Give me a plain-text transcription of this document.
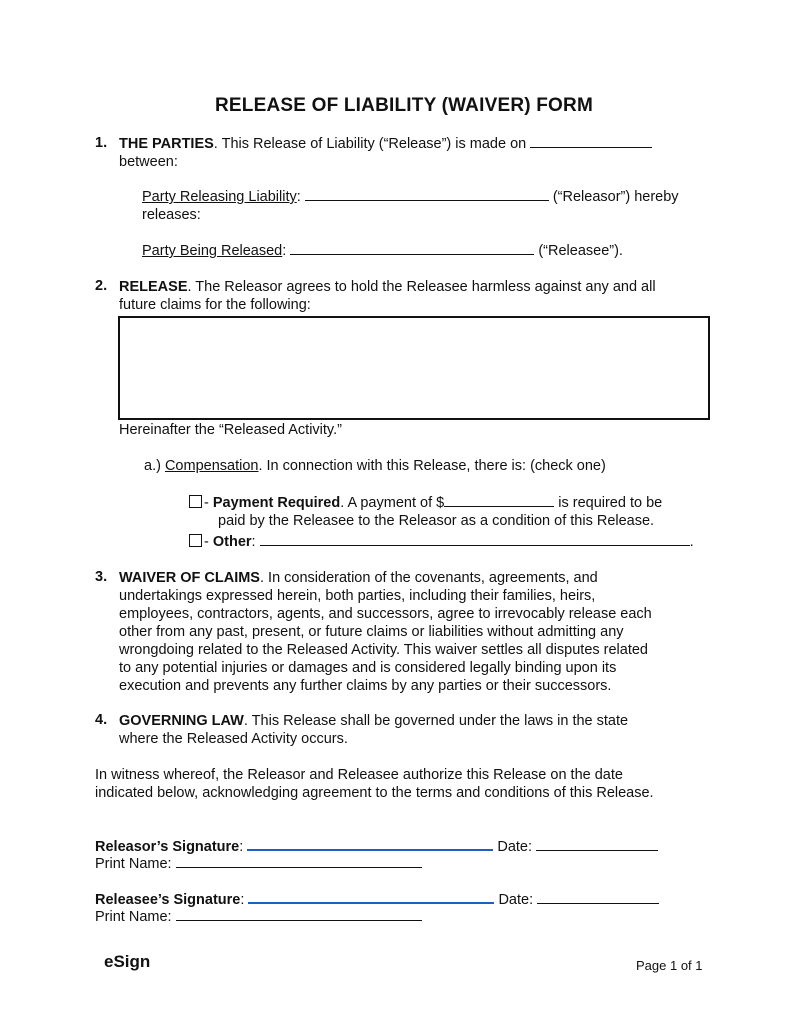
RELEASE OF LIABILITY (WAIVER) FORM
1. THE PARTIES. This Release of Liability (“Release”) is made on
between:
Party Releasing Liability:	(“Releasor”) hereby
releases:
Party Being Released:	(“Releasee”).
2. RELEASE. The Releasor agrees to hold the Releasee harmless against any and all
future claims for the following:
Hereinafter the “Released Activity.”
a.) Compensation. In connection with this Release, there is: (check one)
- Payment Required. A payment of $	is required to be
paid by the Releasee to the Releasor as a condition of this Release.
- Other:	.
3. WAIVER OF CLAIMS. In consideration of the covenants, agreements, and
undertakings expressed herein, both parties, including their families, heirs,
employees, contractors, agents, and successors, agree to irrevocably release each
other from any past, present, or future claims or liabilities without admitting any
wrongdoing related to the Released Activity. This waiver settles all disputes related
to any potential injuries or damages and is considered legally binding upon its
execution and prevents any further claims by any parties or their successors.
4. GOVERNING LAW. This Release shall be governed under the laws in the state
where the Released Activity occurs.
In witness whereof, the Releasor and Releasee authorize this Release on the date
indicated below, acknowledging agreement to the terms and conditions of this Release.
Releasor’s Signature:	Date:
Print Name:
Releasee’s Signature:	Date:
Print Name:
eSign	Page 1 of 1
